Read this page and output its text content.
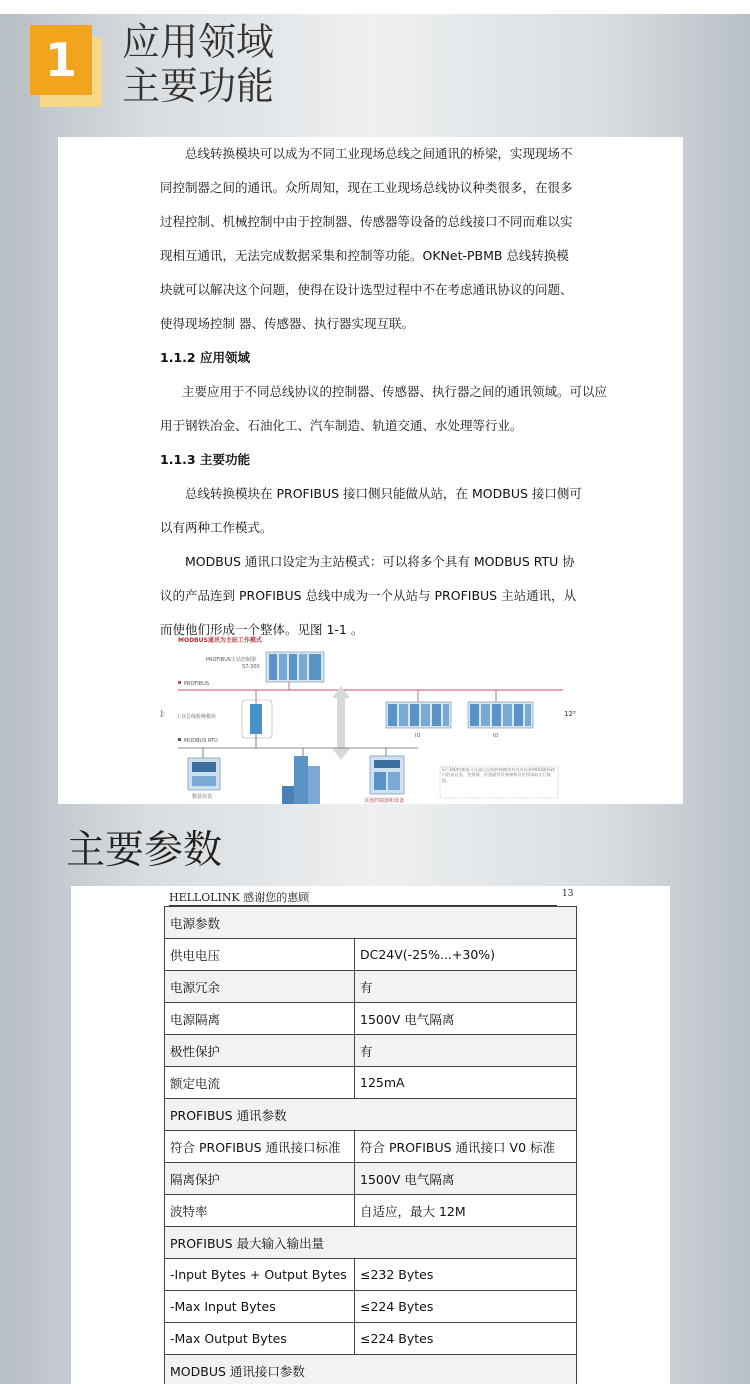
1	应用领域
主要功能

总线转换模块可以成为不同工业现场总线之间通讯的桥梁，实现现场不

同控制器之间的通讯。众所周知，现在工业现场总线协议种类很多，在很多

过程控制、机械控制中由于控制器、传感器等设备的总线接口不同而难以实

现相互通讯，无法完成数据采集和控制等功能。OKNet-PBMB 总线转换模

块就可以解决这个问题，使得在设计选型过程中不在考虑通讯协议的问题、

使得现场控制 器、传感器、执行器实现互联。

1.1.2 应用领域

主要应用于不同总线协议的控制器、传感器、执行器之间的通讯领域。可以应

用于钢铁冶金、石油化工、汽车制造、轨道交通、水处理等行业。

1.1.3 主要功能

总线转换模块在 PROFIBUS 接口侧只能做从站，在 MODBUS 接口侧可

以有两种工作模式。

MODBUS 通讯口设定为主站模式：可以将多个具有 MODBUS RTU 协

议的产品连到 PROFIBUS 总线中成为一个从站与 PROFIBUS 主站通讯，从

而使他们形成一个整体。见图 1-1 。

MODBUS通讯为主站工作模式
PROFIBUS主站控制器
S7-300
PROFIBUS
]: 工业总线转换模块
IO	IO
12³
MODBUS RTU
数显仪表
其他控制器和设备
S7-300控制器可以通过总线转换模块对具有标准MODBUS接口的显仪表、变频器、传感器等设备参数设定和读取运行数据。
主要参数
HELLOLINK 感谢您的惠顾	13
电源参数	
供电电压	DC24V(-25%...+30%)
电源冗余	有
电源隔离	1500V 电气隔离
极性保护	有
额定电流	125mA
PROFIBUS 通讯参数	
符合 PROFIBUS 通讯接口标准	符合 PROFIBUS 通讯接口 V0 标准
隔离保护	1500V 电气隔离
波特率	自适应，最大 12M
PROFIBUS 最大输入输出量	
-Input Bytes + Output Bytes	≤232 Bytes
-Max Input Bytes	≤224 Bytes
-Max Output Bytes	≤224 Bytes
MODBUS 通讯接口参数	
